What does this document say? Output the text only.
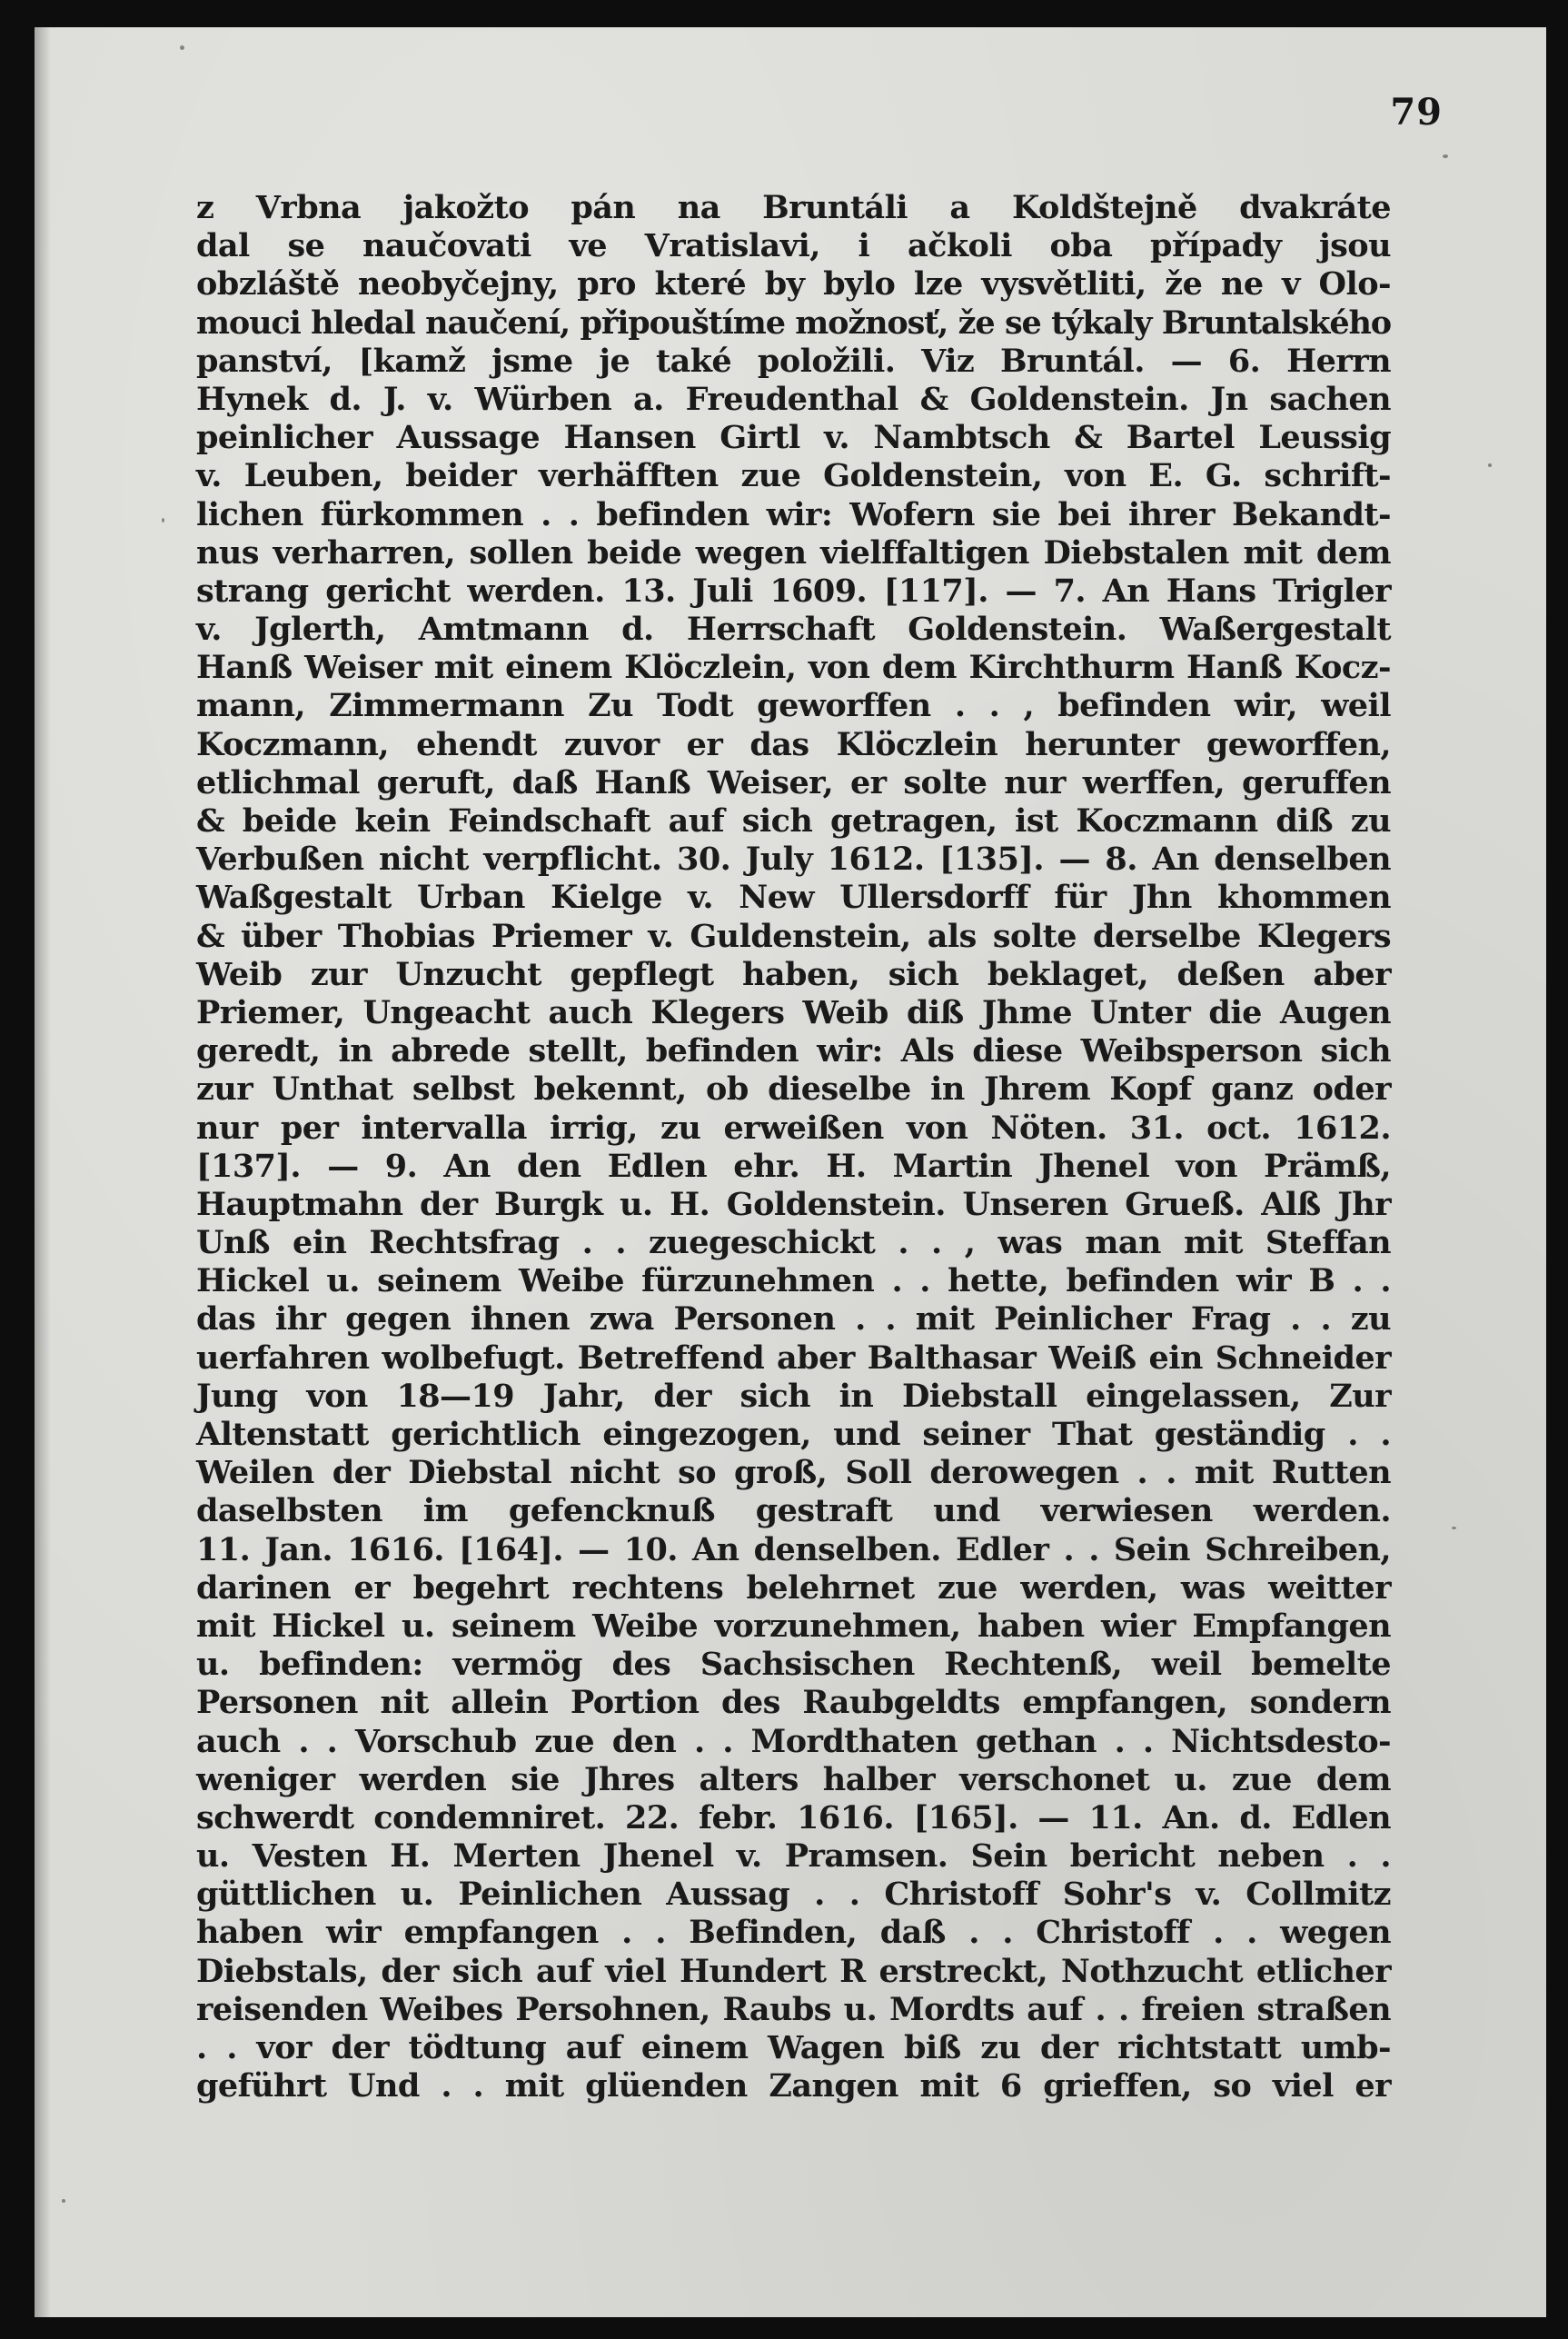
79
z Vrbna jakožto pán na Bruntáli a Koldštejně dvakráte
dal se naučovati ve Vratislavi, i ačkoli oba případy jsou
obzláště neobyčejny, pro které by bylo lze vysvětliti, že ne v Olo-
mouci hledal naučení, připouštíme možnosť, že se týkaly Bruntalského
panství, [kamž jsme je také položili. Viz Bruntál. — 6. Herrn
Hynek d. J. v. Würben a. Freudenthal & Goldenstein. Jn sachen
peinlicher Aussage Hansen Girtl v. Nambtsch & Bartel Leussig
v. Leuben, beider verhäfften zue Goldenstein, von E. G. schrift-
lichen fürkommen . . befinden wir: Wofern sie bei ihrer Bekandt-
nus verharren, sollen beide wegen vielffaltigen Diebstalen mit dem
strang gericht werden. 13. Juli 1609. [117]. — 7. An Hans Trigler
v. Jglerth, Amtmann d. Herrschaft Goldenstein. Waßergestalt
Hanß Weiser mit einem Klöczlein, von dem Kirchthurm Hanß Kocz-
mann, Zimmermann Zu Todt geworffen . . , befinden wir, weil
Koczmann, ehendt zuvor er das Klöczlein herunter geworffen,
etlichmal geruft, daß Hanß Weiser, er solte nur werffen, geruffen
& beide kein Feindschaft auf sich getragen, ist Koczmann diß zu
Verbußen nicht verpflicht. 30. July 1612. [135]. — 8. An denselben
Waßgestalt Urban Kielge v. New Ullersdorff für Jhn khommen
& über Thobias Priemer v. Guldenstein, als solte derselbe Klegers
Weib zur Unzucht gepflegt haben, sich beklaget, deßen aber
Priemer, Ungeacht auch Klegers Weib diß Jhme Unter die Augen
geredt, in abrede stellt, befinden wir: Als diese Weibsperson sich
zur Unthat selbst bekennt, ob dieselbe in Jhrem Kopf ganz oder
nur per intervalla irrig, zu erweißen von Nöten. 31. oct. 1612.
[137]. — 9. An den Edlen ehr. H. Martin Jhenel von Prämß,
Hauptmahn der Burgk u. H. Goldenstein. Unseren Grueß. Alß Jhr
Unß ein Rechtsfrag . . zuegeschickt . . , was man mit Steffan
Hickel u. seinem Weibe fürzunehmen . . hette, befinden wir B . .
das ihr gegen ihnen zwa Personen . . mit Peinlicher Frag . . zu
uerfahren wolbefugt. Betreffend aber Balthasar Weiß ein Schneider
Jung von 18—19 Jahr, der sich in Diebstall eingelassen, Zur
Altenstatt gerichtlich eingezogen, und seiner That geständig . .
Weilen der Diebstal nicht so groß, Soll derowegen . . mit Rutten
daselbsten im gefencknuß gestraft und verwiesen werden.
11. Jan. 1616. [164]. — 10. An denselben. Edler . . Sein Schreiben,
darinen er begehrt rechtens belehrnet zue werden, was weitter
mit Hickel u. seinem Weibe vorzunehmen, haben wier Empfangen
u. befinden: vermög des Sachsischen Rechtenß, weil bemelte
Personen nit allein Portion des Raubgeldts empfangen, sondern
auch . . Vorschub zue den . . Mordthaten gethan . . Nichtsdesto-
weniger werden sie Jhres alters halber verschonet u. zue dem
schwerdt condemniret. 22. febr. 1616. [165]. — 11. An. d. Edlen
u. Vesten H. Merten Jhenel v. Pramsen. Sein bericht neben . .
güttlichen u. Peinlichen Aussag . . Christoff Sohr's v. Collmitz
haben wir empfangen . . Befinden, daß . . Christoff . . wegen
Diebstals, der sich auf viel Hundert R erstreckt, Nothzucht etlicher
reisenden Weibes Persohnen, Raubs u. Mordts auf . . freien straßen
. . vor der tödtung auf einem Wagen biß zu der richtstatt umb-
geführt Und . . mit glüenden Zangen mit 6 grieffen, so viel er
